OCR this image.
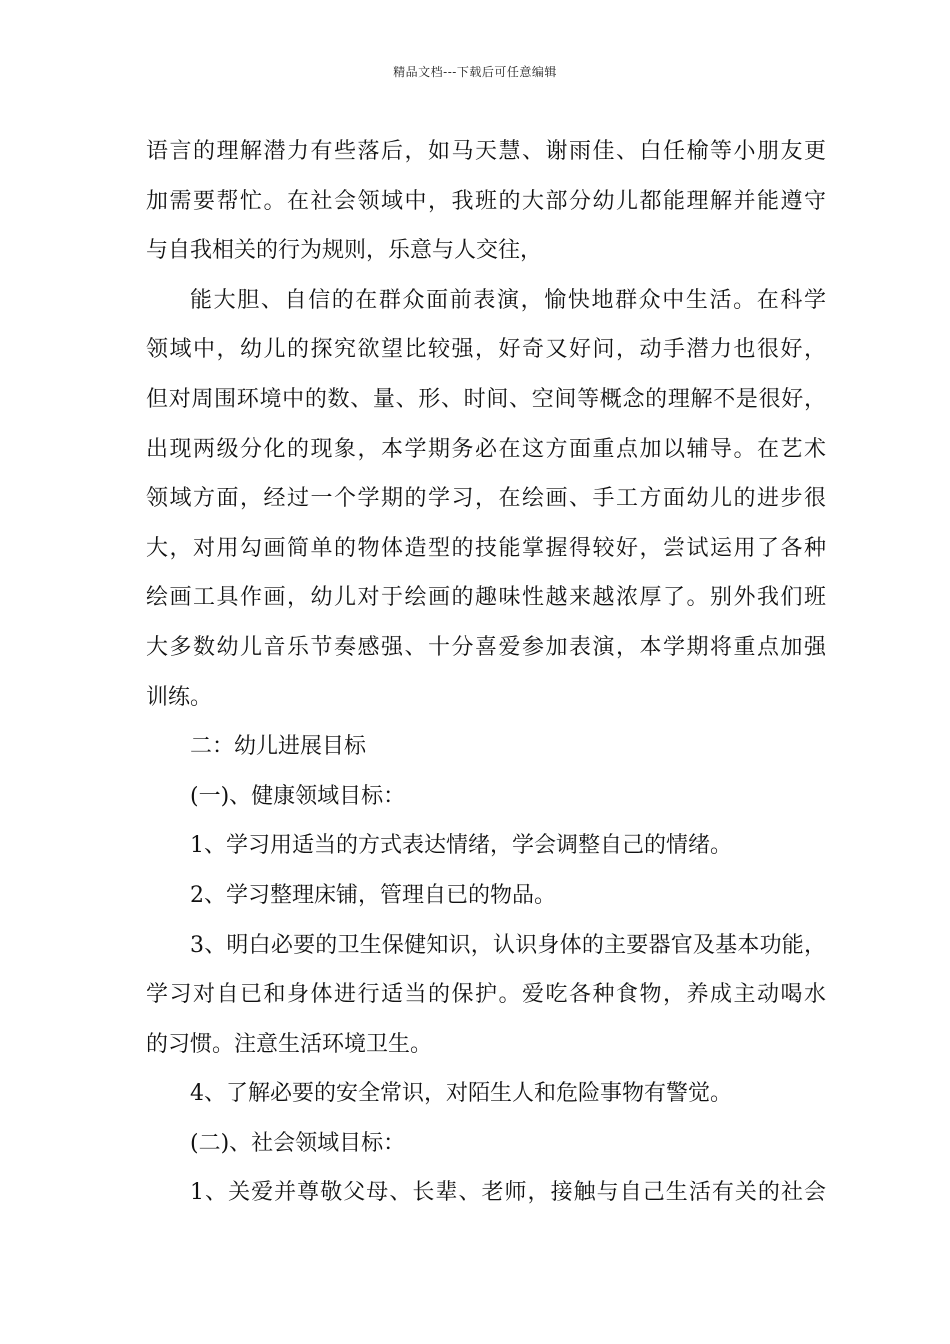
精品文档---下载后可任意编辑
语言的理解潜力有些落后，如马天慧、谢雨佳、白任榆等小朋友更
加需要帮忙。在社会领域中，我班的大部分幼儿都能理解并能遵守
与自我相关的行为规则，乐意与人交往，
能大胆、自信的在群众面前表演，愉快地群众中生活。在科学
领域中，幼儿的探究欲望比较强，好奇又好问，动手潜力也很好，
但对周围环境中的数、量、形、时间、空间等概念的理解不是很好，
出现两级分化的现象，本学期务必在这方面重点加以辅导。在艺术
领域方面，经过一个学期的学习，在绘画、手工方面幼儿的进步很
大，对用勾画简单的物体造型的技能掌握得较好，尝试运用了各种
绘画工具作画，幼儿对于绘画的趣味性越来越浓厚了。别外我们班
大多数幼儿音乐节奏感强、十分喜爱参加表演，本学期将重点加强
训练。
二：幼儿进展目标
(一)、健康领域目标：
1、学习用适当的方式表达情绪，学会调整自己的情绪。
2、学习整理床铺，管理自已的物品。
3、明白必要的卫生保健知识，认识身体的主要器官及基本功能，
学习对自已和身体进行适当的保护。爱吃各种食物，养成主动喝水
的习惯。注意生活环境卫生。
4、了解必要的安全常识，对陌生人和危险事物有警觉。
(二)、社会领域目标：
1、关爱并尊敬父母、长辈、老师，接触与自己生活有关的社会
